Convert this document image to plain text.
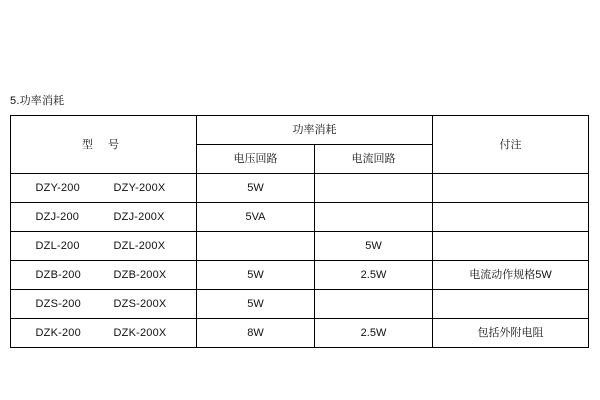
5.功率消耗
型 号	功率消耗		付注
	电压回路	电流回路	
DZY-200 DZY-200X	5W		
DZJ-200 DZJ-200X	5VA		
DZL-200 DZL-200X		5W	
DZB-200 DZB-200X	5W	2.5W	电流动作规格5W
DZS-200 DZS-200X	5W		
DZK-200 DZK-200X	8W	2.5W	包括外附电阻
